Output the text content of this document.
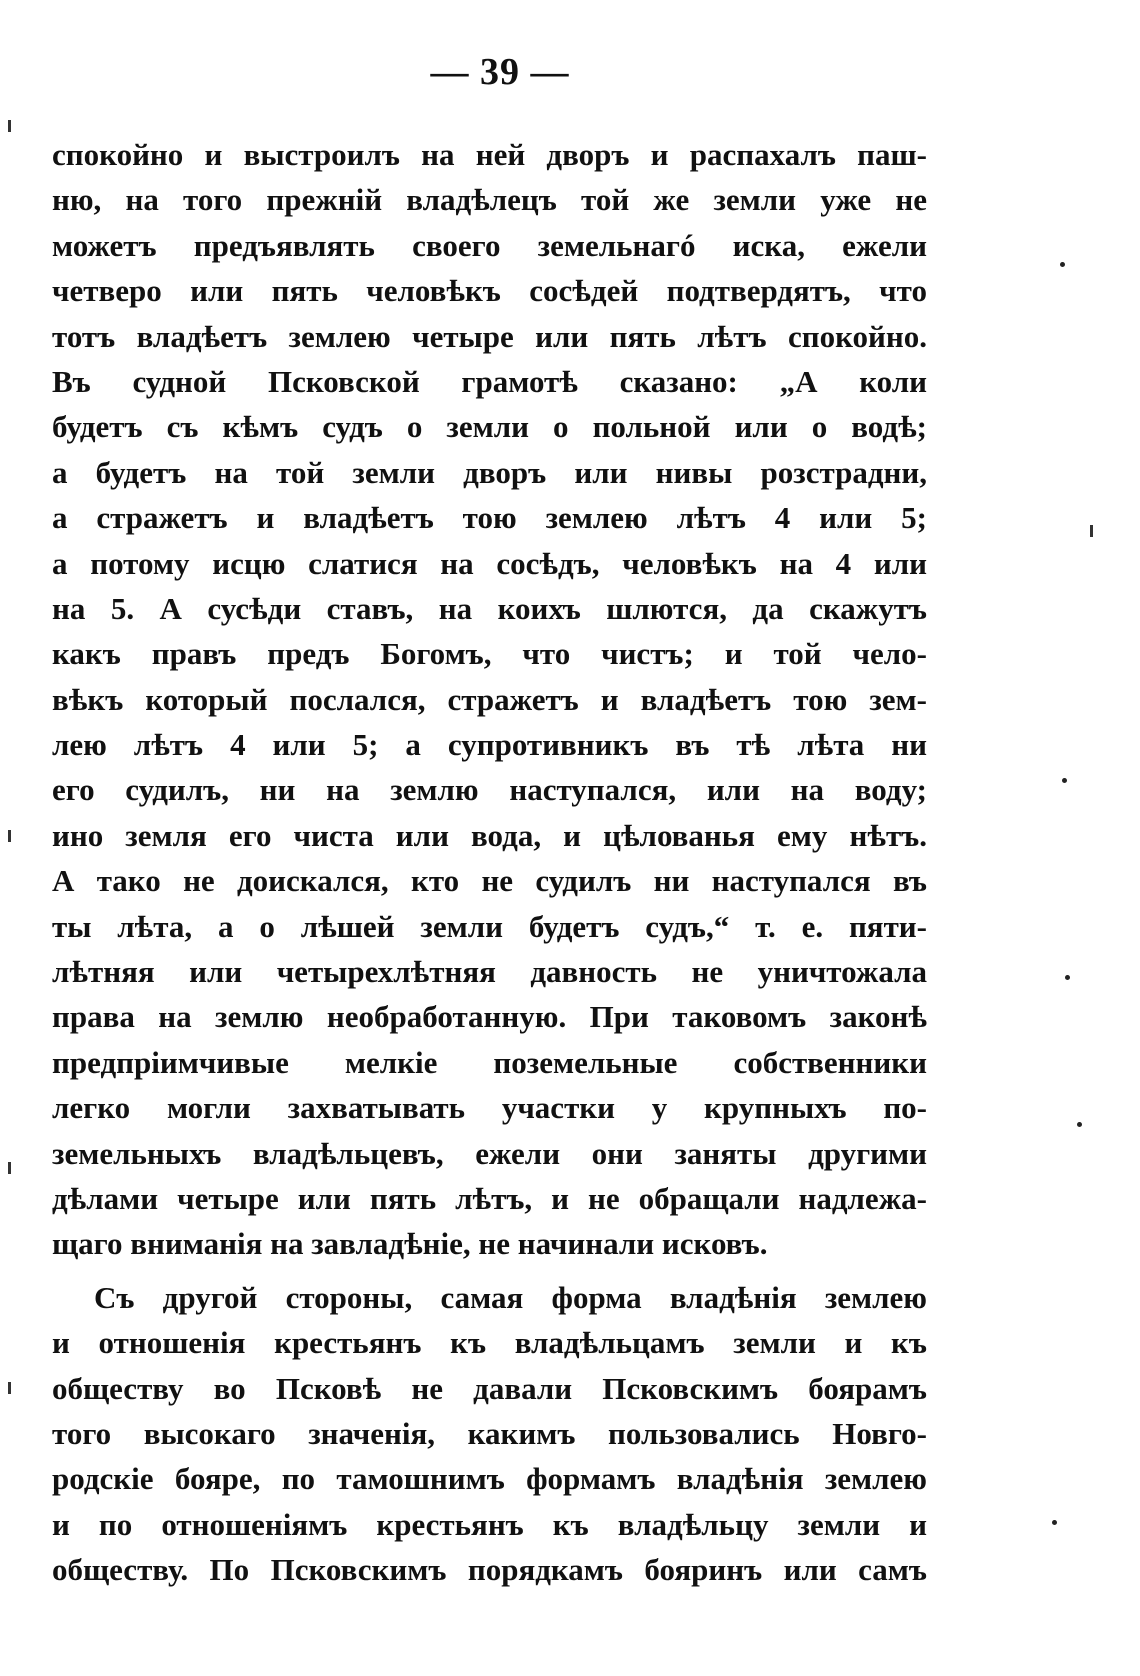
— 39 —
спокойно и выстроилъ на ней дворъ и распахалъ паш-
ню, на того прежній владѣлецъ той же земли уже не
можетъ предъявлять своего земельнагó иска, ежели
четверо или пять человѣкъ сосѣдей подтвердятъ, что
тотъ владѣетъ землею четыре или пять лѣтъ спокойно.
Въ судной Псковской грамотѣ сказано: „А коли
будетъ съ кѣмъ судъ о земли о польной или о водѣ;
а будетъ на той земли дворъ или нивы розстрадни,
а стражетъ и владѣетъ тою землею лѣтъ 4 или 5;
а потому исцю слатися на сосѣдъ, человѣкъ на 4 или
на 5. А сусѣди ставъ, на коихъ шлются, да скажутъ
какъ правъ предъ Богомъ, что чистъ; и той чело-
вѣкъ который послался, стражетъ и владѣетъ тою зем-
лею лѣтъ 4 или 5; а супротивникъ въ тѣ лѣта ни
его судилъ, ни на землю наступался, или на воду;
ино земля его чиста или вода, и цѣлованья ему нѣтъ.
А тако не доискался, кто не судилъ ни наступался въ
ты лѣта, а о лѣшей земли будетъ судъ,“ т. е. пяти-
лѣтняя или четырехлѣтняя давность не уничтожала
права на землю необработанную. При таковомъ законѣ
предпріимчивые мелкіе поземельные собственники
легко могли захватывать участки у крупныхъ по-
земельныхъ владѣльцевъ, ежели они заняты другими
дѣлами четыре или пять лѣтъ, и не обращали надлежа-
щаго вниманія на завладѣніе, не начинали исковъ.
Съ другой стороны, самая форма владѣнія землею
и отношенія крестьянъ къ владѣльцамъ земли и къ
обществу во Псковѣ не давали Псковскимъ боярамъ
того высокаго значенія, какимъ пользовались Новго-
родскіе бояре, по тамошнимъ формамъ владѣнія землею
и по отношеніямъ крестьянъ къ владѣльцу земли и
обществу. По Псковскимъ порядкамъ бояринъ или самъ
